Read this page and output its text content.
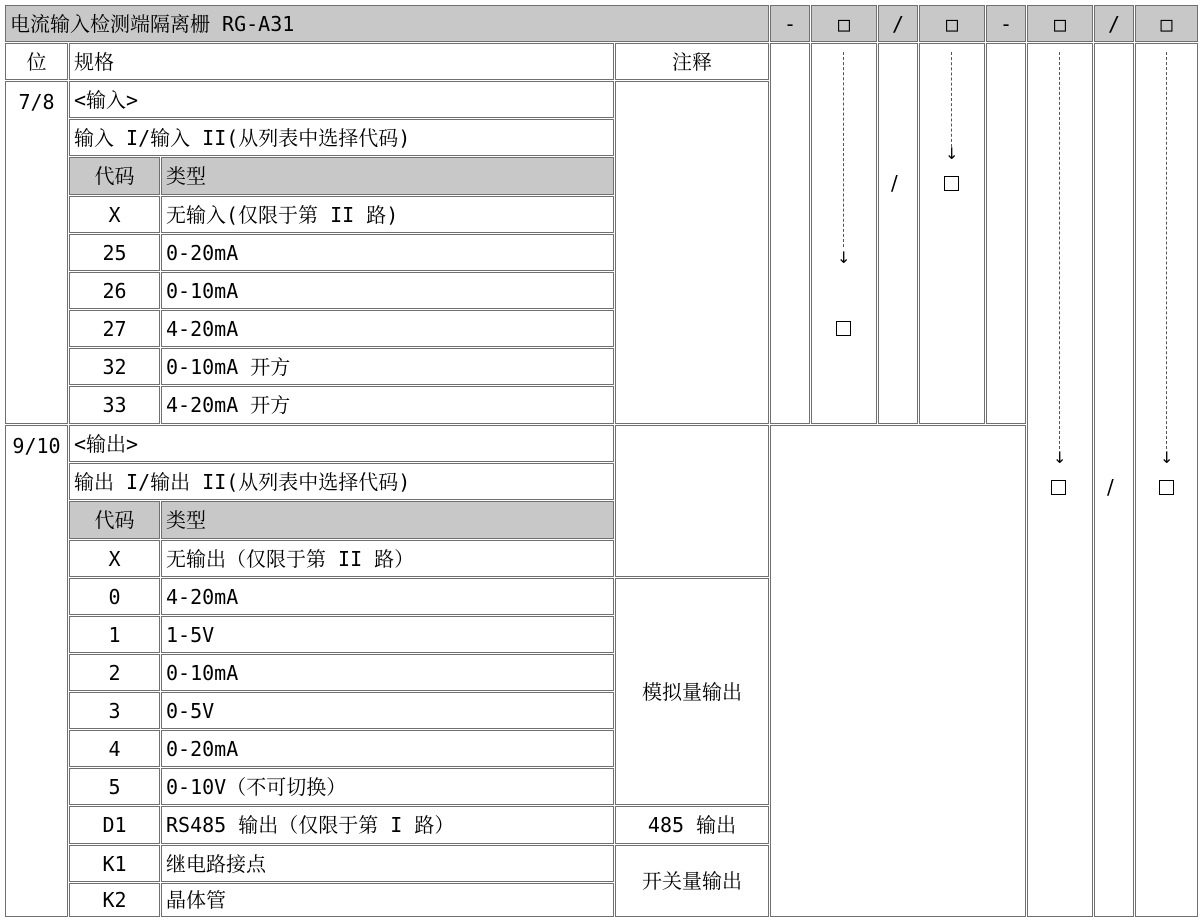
电流输入检测端隔离栅 RG-A31	- □ / □ - □ / □
位 规格	注释
7/8 <输入>
输入 I/输入 II(从列表中选择代码)
代码 类型
X 无输入(仅限于第 II 路)
25 0-20mA
26 0-10mA
27 4-20mA
32 0-10mA 开方
33 4-20mA 开方
9/10 <输出>
输出 I/输出 II(从列表中选择代码)
代码 类型
X 无输出（仅限于第 II 路）
0 4-20mA
1 1-5V
2 0-10mA
3 0-5V
4 0-20mA
5 0-10V（不可切换）
D1 RS485 输出（仅限于第 I 路）
K1 继电路接点
K2 晶体管
模拟量输出
485 输出
开关量输出
↓
↓
/
↓
/
↓
